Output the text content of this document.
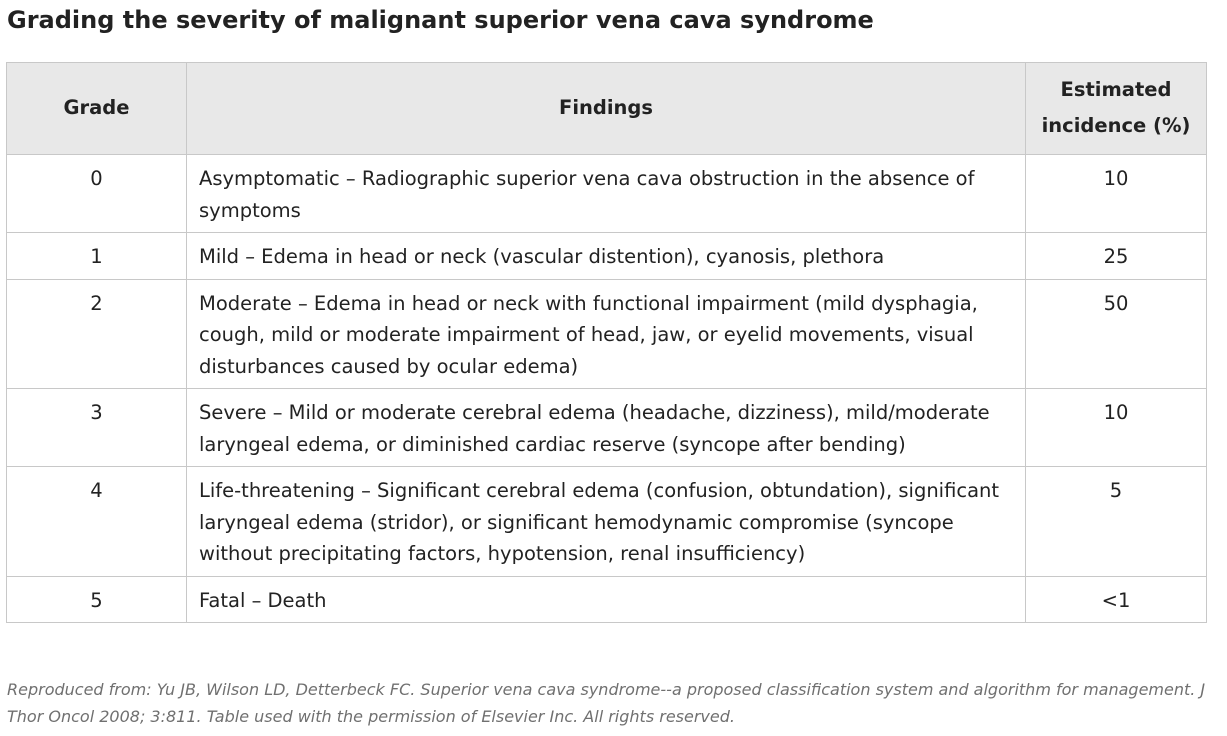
Grading the severity of malignant superior vena cava syndrome
Grade	Findings	Estimated incidence (%)
0	Asymptomatic – Radiographic superior vena cava obstruction in the absence of symptoms	10
1	Mild – Edema in head or neck (vascular distention), cyanosis, plethora	25
2	Moderate – Edema in head or neck with functional impairment (mild dysphagia, cough, mild or moderate impairment of head, jaw, or eyelid movements, visual disturbances caused by ocular edema)	50
3	Severe – Mild or moderate cerebral edema (headache, dizziness), mild/moderate laryngeal edema, or diminished cardiac reserve (syncope after bending)	10
4	Life-threatening – Significant cerebral edema (confusion, obtundation), significant laryngeal edema (stridor), or significant hemodynamic compromise (syncope without precipitating factors, hypotension, renal insufficiency)	5
5	Fatal – Death	<1

Reproduced from: Yu JB, Wilson LD, Detterbeck FC. Superior vena cava syndrome--a proposed classification system and algorithm for management. J Thor Oncol 2008; 3:811. Table used with the permission of Elsevier Inc. All rights reserved.
